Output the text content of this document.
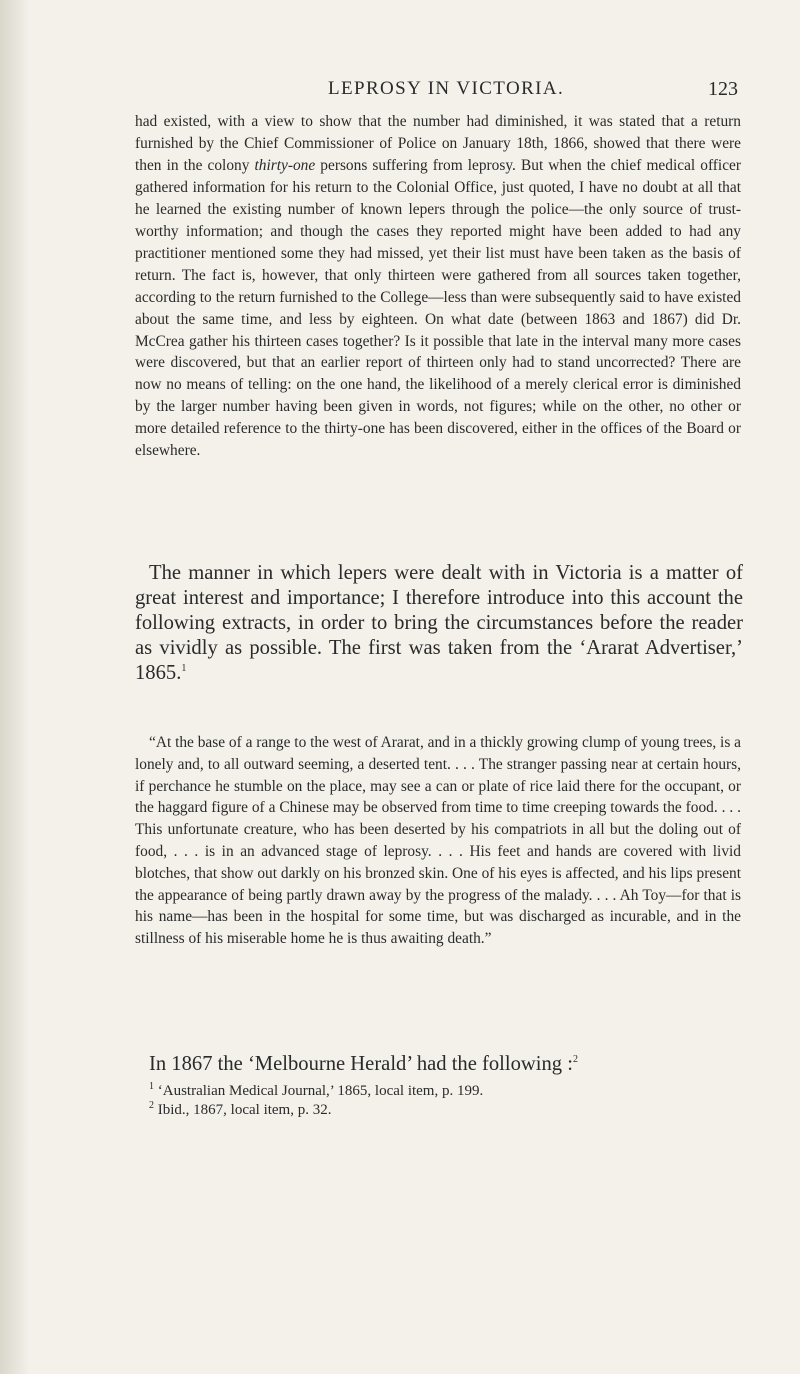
LEPROSY IN VICTORIA.	123

had existed, with a view to show that the number had diminished, it was stated that a return furnished by the Chief Commissioner of Police on January 18th, 1866, showed that there were then in the colony thirty-one persons suffering from leprosy. But when the chief medical officer gathered information for his return to the Colonial Office, just quoted, I have no doubt at all that he learned the existing number of known lepers through the police—the only source of trust-worthy information; and though the cases they reported might have been added to had any practitioner mentioned some they had missed, yet their list must have been taken as the basis of return. The fact is, however, that only thirteen were gathered from all sources taken together, according to the return furnished to the College—less than were subsequently said to have existed about the same time, and less by eighteen. On what date (between 1863 and 1867) did Dr. McCrea gather his thirteen cases together? Is it possible that late in the interval many more cases were discovered, but that an earlier report of thirteen only had to stand uncorrected? There are now no means of telling: on the one hand, the likelihood of a merely clerical error is diminished by the larger number having been given in words, not figures; while on the other, no other or more detailed reference to the thirty-one has been discovered, either in the offices of the Board or elsewhere.

The manner in which lepers were dealt with in Victoria is a matter of great interest and importance; I therefore introduce into this account the following extracts, in order to bring the circumstances before the reader as vividly as possible. The first was taken from the ‘Ararat Advertiser,’ 1865.$^1$

“At the base of a range to the west of Ararat, and in a thickly growing clump of young trees, is a lonely and, to all outward seeming, a deserted tent. . . . The stranger passing near at certain hours, if perchance he stumble on the place, may see a can or plate of rice laid there for the occupant, or the haggard figure of a Chinese may be observed from time to time creeping towards the food. . . . This unfortunate creature, who has been deserted by his compatriots in all but the doling out of food, . . . is in an advanced stage of leprosy. . . . His feet and hands are covered with livid blotches, that show out darkly on his bronzed skin. One of his eyes is affected, and his lips present the appearance of being partly drawn away by the progress of the malady. . . . Ah Toy—for that is his name—has been in the hospital for some time, but was discharged as incurable, and in the stillness of his miserable home he is thus awaiting death.”

In 1867 the ‘Melbourne Herald’ had the following :$^2$

$^1$ ‘Australian Medical Journal,’ 1865, local item, p. 199.

$^2$ Ibid., 1867, local item, p. 32.
